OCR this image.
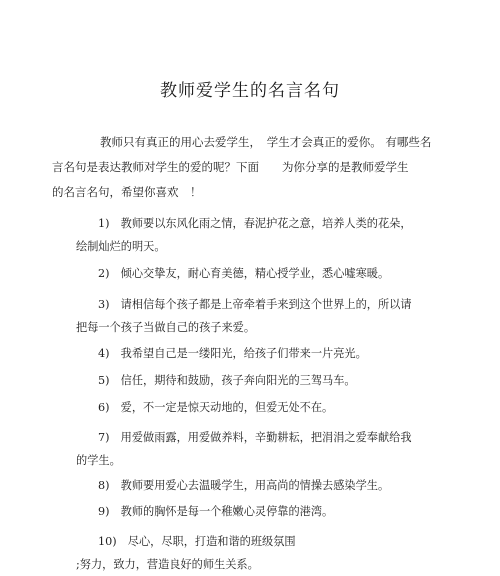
教师爱学生的名言名句
教师只有真正的用心去爱学生，　学生才会真正的爱你。 有哪些名
言名句是表达教师对学生的爱的呢？下面　　为你分享的是教师爱学生
的名言名句，希望你喜欢　！
1)　教师要以东风化雨之情，春泥护花之意，培养人类的花朵，
绘制灿烂的明天。
2)　倾心交挚友，耐心育美德，精心授学业，悉心嘘寒暖。
3)　请相信每个孩子都是上帝牵着手来到这个世界上的，所以请
把每一个孩子当做自己的孩子来爱。
4)　我希望自己是一缕阳光，给孩子们带来一片亮光。
5)　信任，期待和鼓励，孩子奔向阳光的三驾马车。
6)　爱，不一定是惊天动地的，但爱无处不在。
7)　用爱做雨露，用爱做养料，辛勤耕耘，把涓涓之爱奉献给我
的学生。
8)　教师要用爱心去温暖学生，用高尚的情操去感染学生。
9)　教师的胸怀是每一个稚嫩心灵停靠的港湾。
10)　尽心，尽职，打造和谐的班级氛围
;努力，致力，营造良好的师生关系。
